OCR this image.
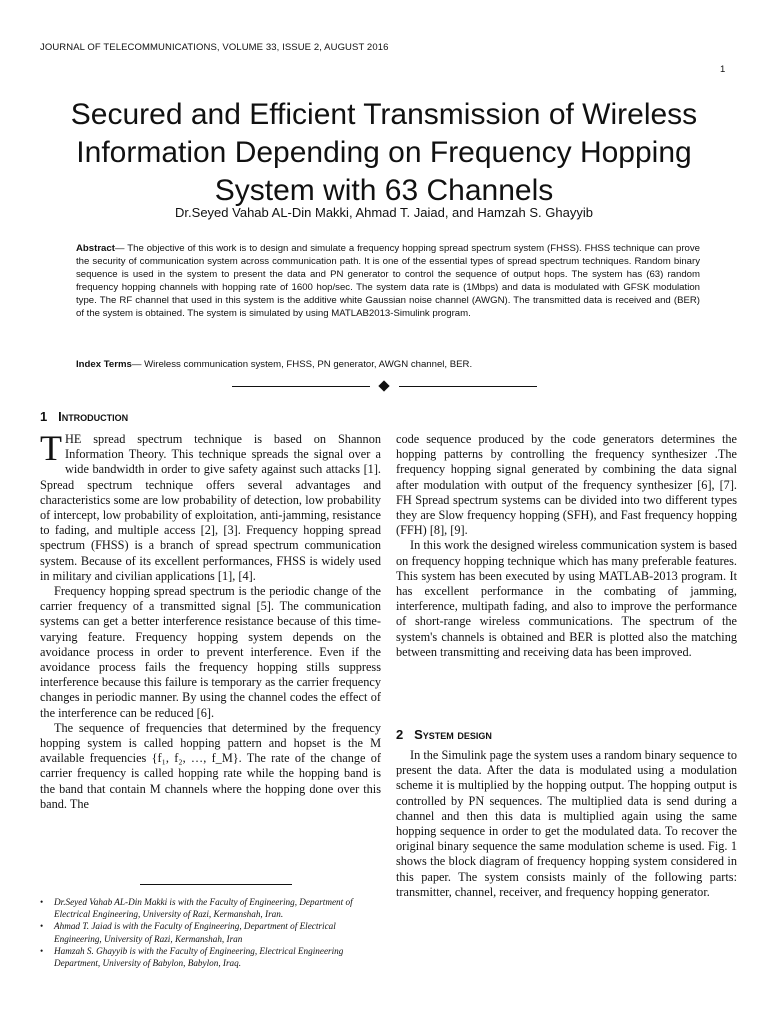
JOURNAL OF TELECOMMUNICATIONS, VOLUME 33, ISSUE 2, AUGUST 2016
1
Secured and Efficient Transmission of Wireless Information Depending on Frequency Hopping System with 63 Channels
Dr.Seyed Vahab AL-Din Makki, Ahmad T. Jaiad, and Hamzah S. Ghayyib
Abstract— The objective of this work is to design and simulate a frequency hopping spread spectrum system (FHSS). FHSS technique can prove the security of communication system across communication path. It is one of the essential types of spread spectrum techniques. Random binary sequence is used in the system to present the data and PN generator to control the sequence of output hops. The system has (63) random frequency hopping channels with hopping rate of 1600 hop/sec. The system data rate is (1Mbps) and data is modulated with GFSK modulation type. The RF channel that used in this system is the additive white Gaussian noise channel (AWGN). The transmitted data is received and (BER) of the system is obtained. The system is simulated by using MATLAB2013-Simulink program.
Index Terms— Wireless communication system, FHSS, PN generator, AWGN channel, BER.
1 Introduction

THE spread spectrum technique is based on Shannon Information Theory. This technique spreads the signal over a wide bandwidth in order to give safety against such attacks [1]. Spread spectrum technique offers several advantages and characteristics some are low probability of detection, low probability of intercept, low probability of exploitation, anti-jamming, resistance to fading, and multiple access [2], [3]. Frequency hopping spread spectrum (FHSS) is a branch of spread spectrum communication system. Because of its excellent performances, FHSS is widely used in military and civilian applications [1], [4].

Frequency hopping spread spectrum is the periodic change of the carrier frequency of a transmitted signal [5]. The communication systems can get a better interference resistance because of this time-varying feature. Frequency hopping system depends on the avoidance process in order to prevent interference. Even if the avoidance process fails the frequency hopping stills suppress interference because this failure is temporary as the carrier frequency changes in periodic manner. By using the channel codes the effect of the interference can be reduced [6].

The sequence of frequencies that determined by the frequency hopping system is called hopping pattern and hopset is the M available frequencies {f₁, f₂, …, f_M}. The rate of the change of carrier frequency is called hopping rate while the hopping band is the band that contain M channels where the hopping done over this band. The

code sequence produced by the code generators determines the hopping patterns by controlling the frequency synthesizer .The frequency hopping signal generated by combining the data signal after modulation with output of the frequency synthesizer [6], [7]. FH Spread spectrum systems can be divided into two different types they are Slow frequency hopping (SFH), and Fast frequency hopping (FFH) [8], [9].

In this work the designed wireless communication system is based on frequency hopping technique which has many preferable features. This system has been executed by using MATLAB-2013 program. It has excellent performance in the combating of jamming, interference, multipath fading, and also to improve the performance of short-range wireless communications. The spectrum of the system's channels is obtained and BER is plotted also the matching between transmitting and receiving data has been improved.

2 System design

In the Simulink page the system uses a random binary sequence to present the data. After the data is modulated using a modulation scheme it is multiplied by the hopping output. The hopping output is controlled by PN sequences. The multiplied data is send during a channel and then this data is multiplied again using the same hopping sequence in order to get the modulated data. To recover the original binary sequence the same modulation scheme is used. Fig. 1 shows the block diagram of frequency hopping system considered in this paper. The system consists mainly of the following parts: transmitter, channel, receiver, and frequency hopping generator.

• Dr.Seyed Vahab AL-Din Makki is with the Faculty of Engineering, Department of Electrical Engineering, University of Razi, Kermanshah, Iran.

• Ahmad T. Jaiad is with the Faculty of Engineering, Department of Electrical Engineering, University of Razi, Kermanshah, Iran

• Hamzah S. Ghayyib is with the Faculty of Engineering, Electrical Engineering Department, University of Babylon, Babylon, Iraq.
